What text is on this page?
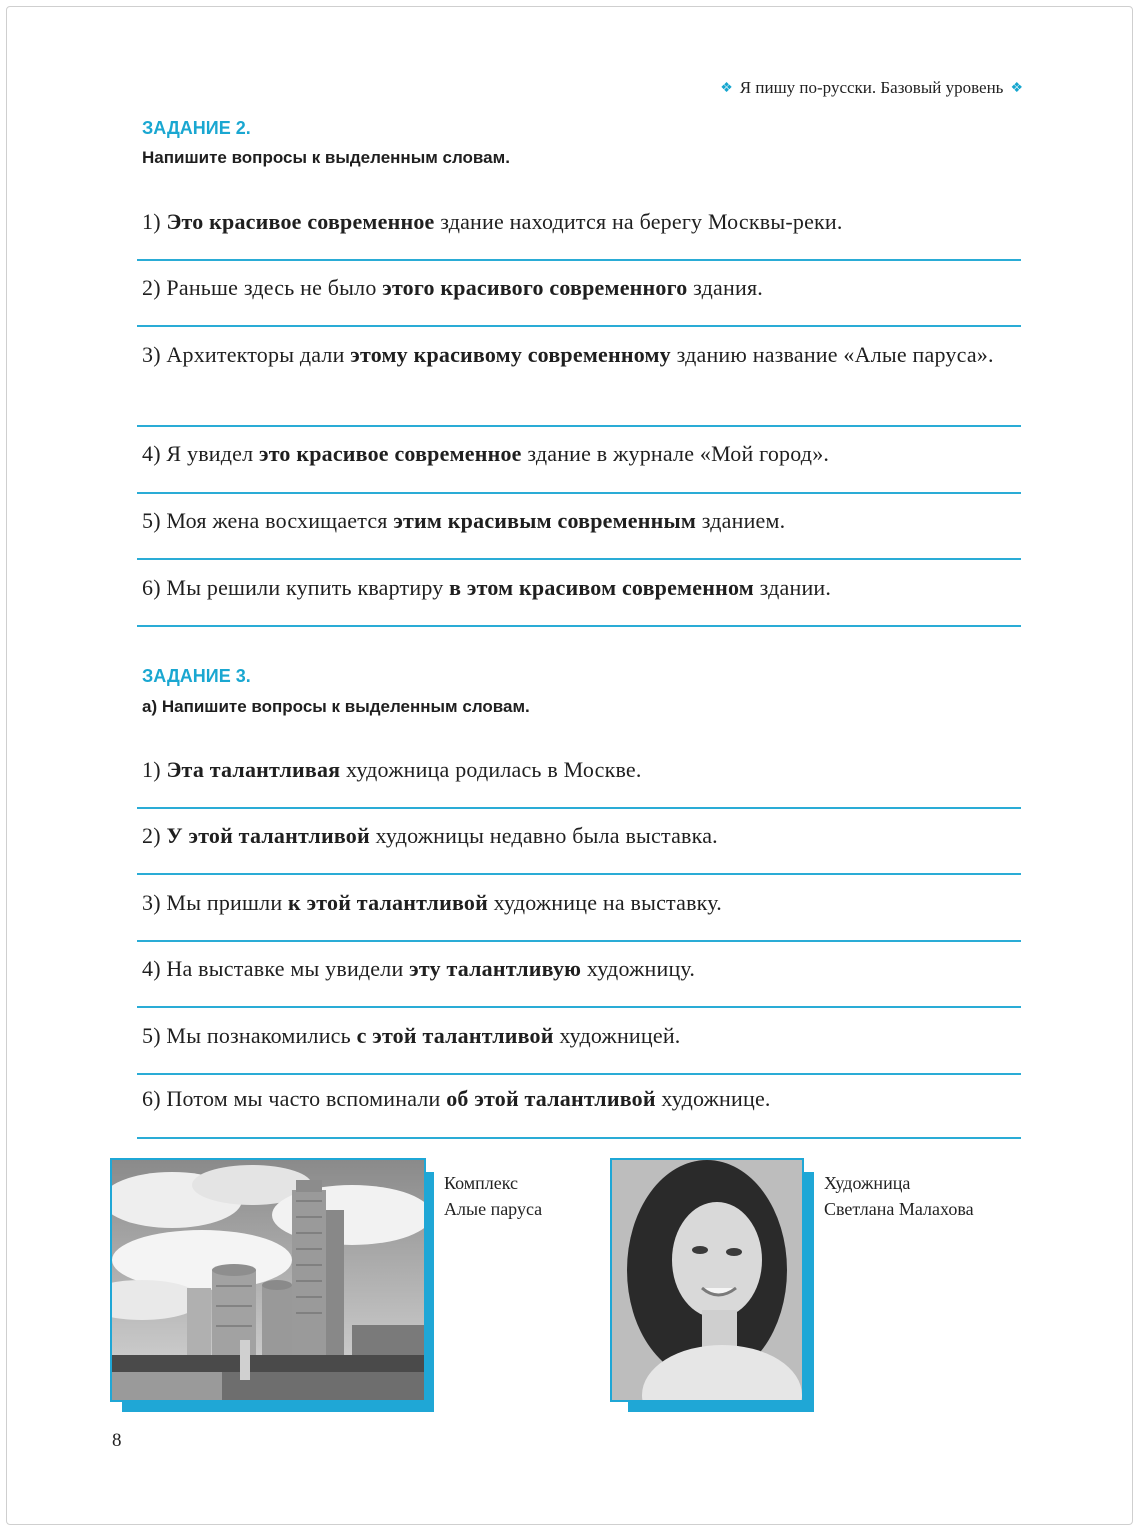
❖ Я пишу по-русски. Базовый уровень ❖
ЗАДАНИЕ 2.
Напишите вопросы к выделенным словам.
1) Это красивое современное здание находится на берегу Москвы-реки.
2) Раньше здесь не было этого красивого современного здания.
3) Архитекторы дали этому красивому современному зданию название «Алые паруса».
4) Я увидел это красивое современное здание в журнале «Мой город».
5) Моя жена восхищается этим красивым современным зданием.
6) Мы решили купить квартиру в этом красивом современном здании.
ЗАДАНИЕ 3.
а) Напишите вопросы к выделенным словам.
1) Эта талантливая художница родилась в Москве.
2) У этой талантливой художницы недавно была выставка.
3) Мы пришли к этой талантливой художнице на выставку.
4) На выставке мы увидели эту талантливую художницу.
5) Мы познакомились с этой талантливой художницей.
6) Потом мы часто вспоминали об этой талантливой художнице.
Комплекс
Алые паруса
Художница
Светлана Малахова
8
